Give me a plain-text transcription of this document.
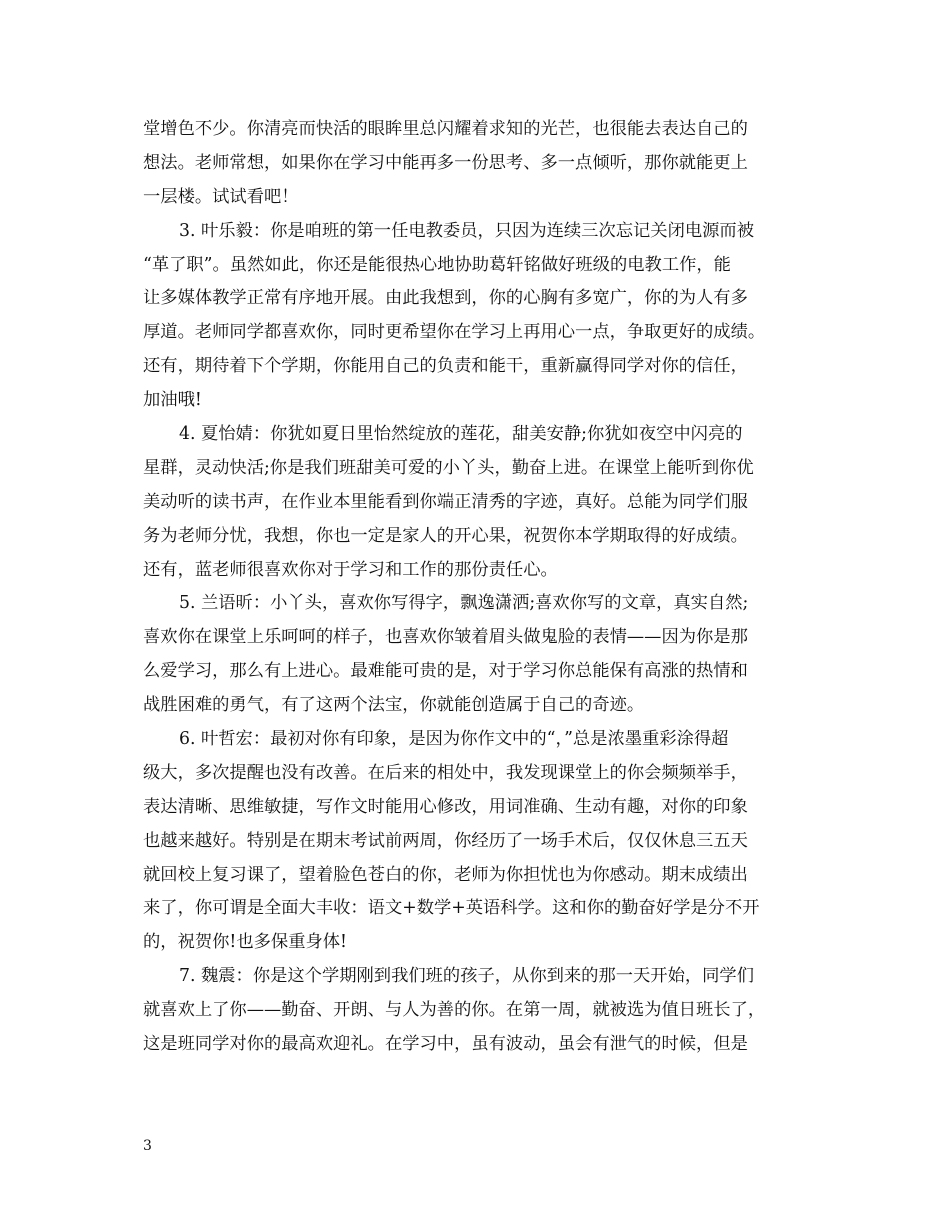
堂增色不少。你清亮而快活的眼眸里总闪耀着求知的光芒，也很能去表达自己的
想法。老师常想，如果你在学习中能再多一份思考、多一点倾听，那你就能更上
一层楼。试试看吧！
3. 叶乐毅：你是咱班的第一任电教委员，只因为连续三次忘记关闭电源而被
“革了职”。虽然如此，你还是能很热心地协助葛轩铭做好班级的电教工作，能
让多媒体教学正常有序地开展。由此我想到，你的心胸有多宽广，你的为人有多
厚道。老师同学都喜欢你，同时更希望你在学习上再用心一点，争取更好的成绩。
还有，期待着下个学期，你能用自己的负责和能干，重新赢得同学对你的信任，
加油哦!
4. 夏怡婧：你犹如夏日里怡然绽放的莲花，甜美安静;你犹如夜空中闪亮的
星群，灵动快活;你是我们班甜美可爱的小丫头，勤奋上进。在课堂上能听到你优
美动听的读书声，在作业本里能看到你端正清秀的字迹，真好。总能为同学们服
务为老师分忧，我想，你也一定是家人的开心果，祝贺你本学期取得的好成绩。
还有，蓝老师很喜欢你对于学习和工作的那份责任心。
5. 兰语昕：小丫头，喜欢你写得字，飘逸潇洒;喜欢你写的文章，真实自然;
喜欢你在课堂上乐呵呵的样子，也喜欢你皱着眉头做鬼脸的表情——因为你是那
么爱学习，那么有上进心。最难能可贵的是，对于学习你总能保有高涨的热情和
战胜困难的勇气，有了这两个法宝，你就能创造属于自己的奇迹。
6. 叶哲宏：最初对你有印象，是因为你作文中的“，”总是浓墨重彩涂得超
级大，多次提醒也没有改善。在后来的相处中，我发现课堂上的你会频频举手，
表达清晰、思维敏捷，写作文时能用心修改，用词准确、生动有趣，对你的印象
也越来越好。特别是在期末考试前两周，你经历了一场手术后，仅仅休息三五天
就回校上复习课了，望着脸色苍白的你，老师为你担忧也为你感动。期末成绩出
来了，你可谓是全面大丰收：语文+数学+英语科学。这和你的勤奋好学是分不开
的，祝贺你!也多保重身体!
7. 魏震：你是这个学期刚到我们班的孩子，从你到来的那一天开始，同学们
就喜欢上了你——勤奋、开朗、与人为善的你。在第一周，就被选为值日班长了，
这是班同学对你的最高欢迎礼。在学习中，虽有波动，虽会有泄气的时候，但是
3
